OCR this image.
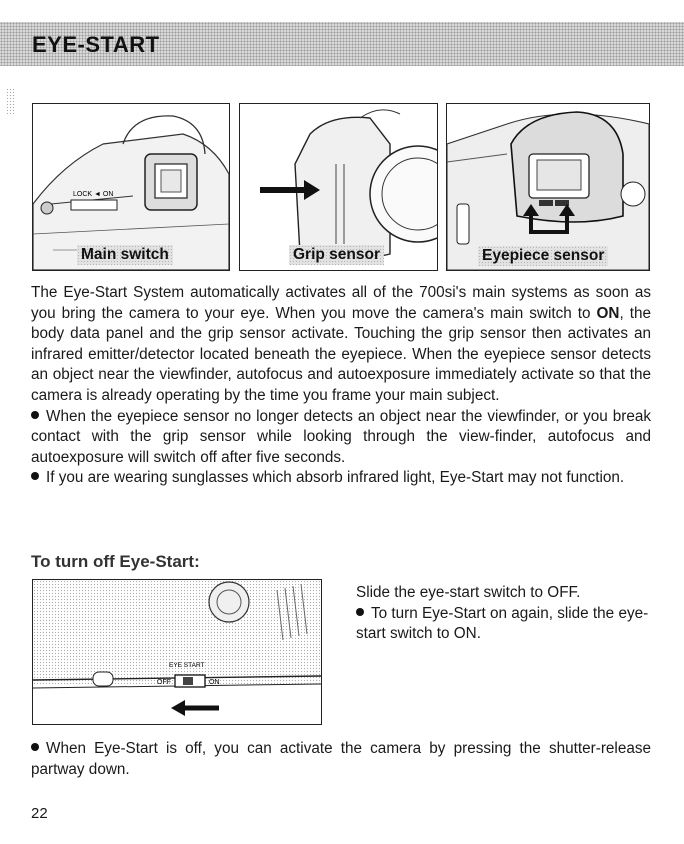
EYE-START
LOCK ◄ ON
Main switch	Grip sensor	Eyepiece sensor

The Eye-Start System automatically activates all of the 700si's main systems as soon as you bring the camera to your eye. When you move the camera's main switch to ON, the body data panel and the grip sensor activate. Touching the grip sensor then activates an infrared emitter/detector located beneath the eyepiece. When the eyepiece sensor detects an object near the viewfinder, autofocus and autoexposure immediately activate so that the camera is already operating by the time you frame your main subject.

When the eyepiece sensor no longer detects an object near the viewfinder, or you break contact with the grip sensor while looking through the view-finder, autofocus and autoexposure will switch off after five seconds.

If you are wearing sunglasses which absorb infrared light, Eye-Start may not function.

To turn off Eye-Start:
EYE START
OFF	ON

Slide the eye-start switch to OFF.

To turn Eye-Start on again, slide the eye-start switch to ON.

When Eye-Start is off, you can activate the camera by pressing the shutter-release partway down.

22
